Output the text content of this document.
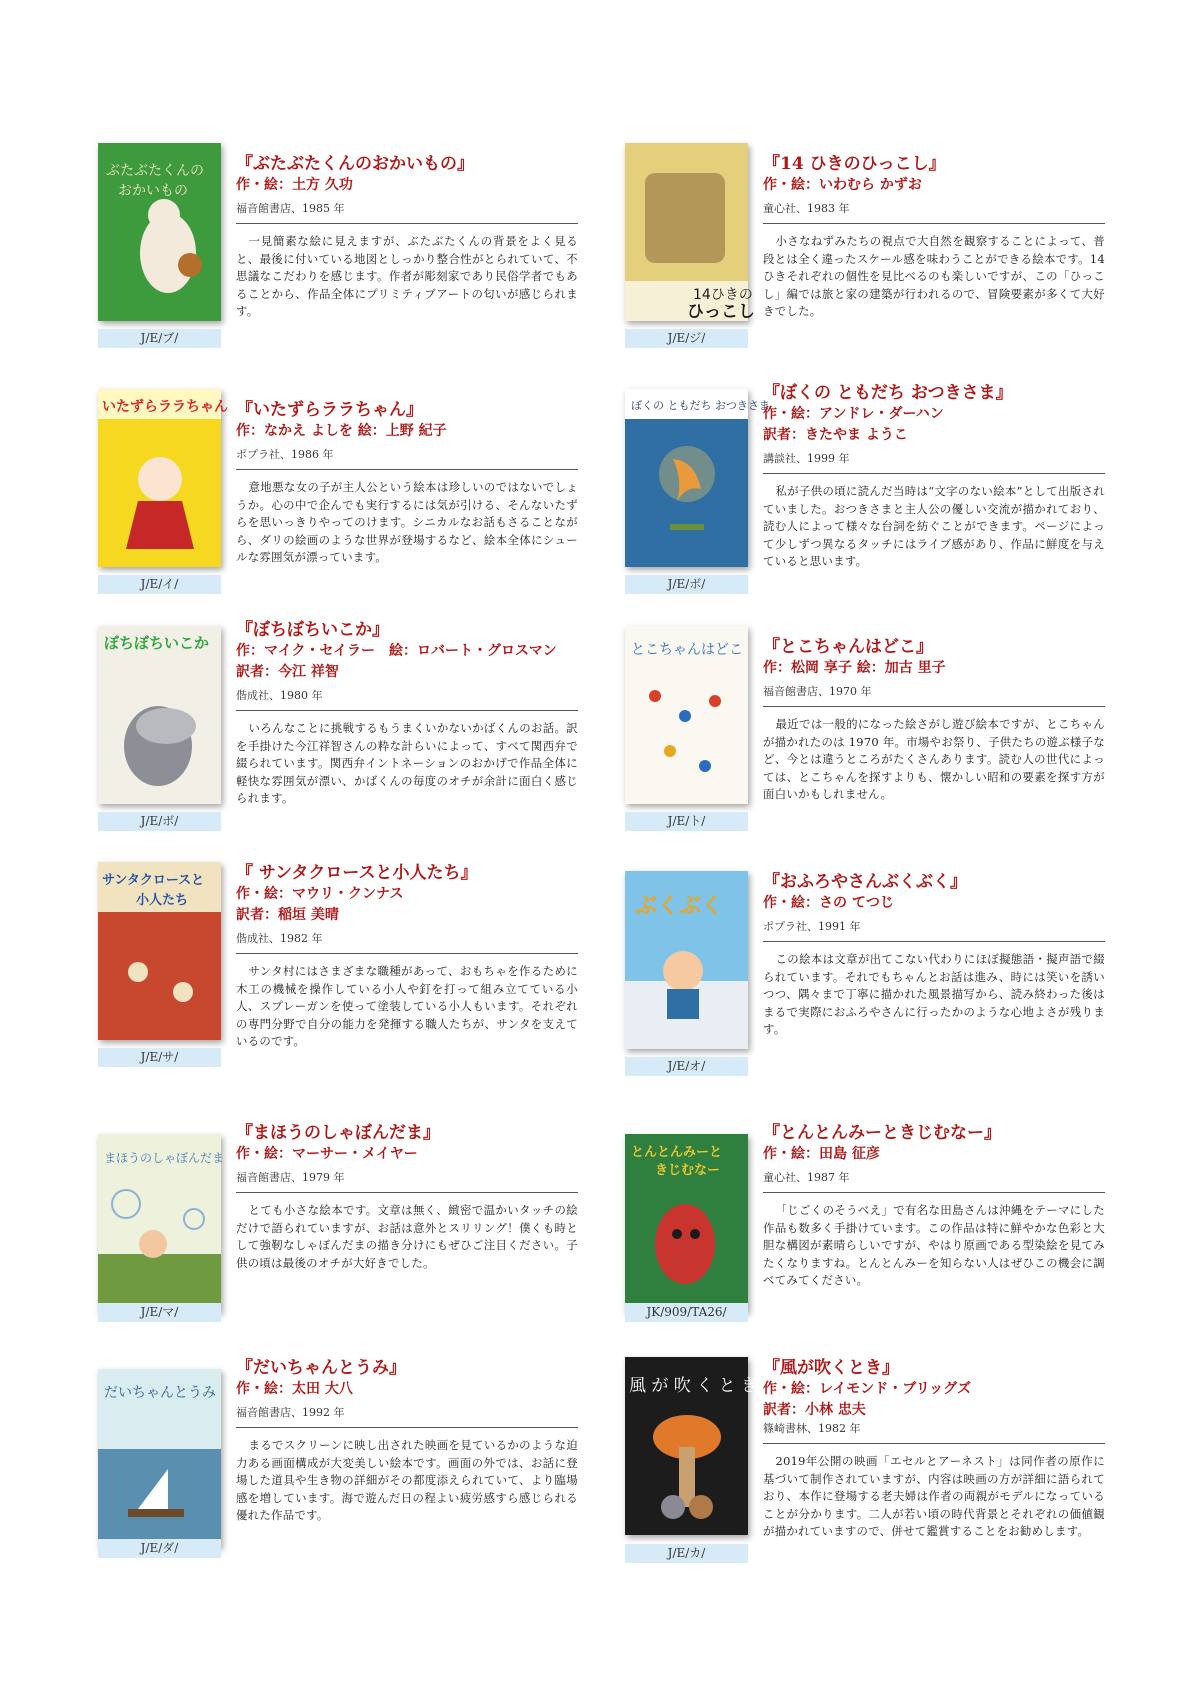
ぶたぶたくんの
おかいもの
J/E/ブ/

『ぶたぶたくんのおかいもの』

作・絵：土方 久功

福音館書店、1985 年
一見簡素な絵に見えますが、ぶたぶたくんの背景をよく見ると、最後に付いている地図としっかり整合性がとられていて、不思議なこだわりを感じます。作者が彫刻家であり民俗学者でもあることから、作品全体にプリミティブアートの匂いが感じられます。
14ひきの
ひっこし
J/E/ジ/

『14 ひきのひっこし』

作・絵：いわむら かずお

童心社、1983 年
小さなねずみたちの視点で大自然を観察することによって、普段とは全く違ったスケール感を味わうことができる絵本です。14 ひきそれぞれの個性を見比べるのも楽しいですが、この「ひっこし」編では旅と家の建築が行われるので、冒険要素が多くて大好きでした。
いたずらララちゃん
J/E/イ/

『いたずらララちゃん』

作：なかえ よしを 絵：上野 紀子

ポプラ社、1986 年
意地悪な女の子が主人公という絵本は珍しいのではないでしょうか。心の中で企んでも実行するには気が引ける、そんないたずらを思いっきりやってのけます。シニカルなお話もさることながら、ダリの絵画のような世界が登場するなど、絵本全体にシュールな雰囲気が漂っています。
ぼくの ともだち おつきさま
J/E/ボ/

『ぼくの ともだち おつきさま』

作・絵：アンドレ・ダーハン

訳者：きたやま ようこ

講談社、1999 年
私が子供の頃に読んだ当時は“文字のない絵本”として出版されていました。おつきさまと主人公の優しい交流が描かれており、読む人によって様々な台詞を紡ぐことができます。ページによって少しずつ異なるタッチにはライブ感があり、作品に鮮度を与えていると思います。
ぼちぼちいこか
J/E/ボ/

『ぼちぼちいこか』

作：マイク・セイラー　絵：ロバート・グロスマン

訳者：今江 祥智

偕成社、1980 年
いろんなことに挑戦するもうまくいかないかばくんのお話。訳を手掛けた今江祥智さんの粋な計らいによって、すべて関西弁で綴られています。関西弁イントネーションのおかげで作品全体に軽快な雰囲気が漂い、かばくんの毎度のオチが余計に面白く感じられます。
とこちゃんはどこ
J/E/ト/

『とこちゃんはどこ』

作：松岡 享子 絵：加古 里子

福音館書店、1970 年
最近では一般的になった絵さがし遊び絵本ですが、とこちゃんが描かれたのは 1970 年。市場やお祭り、子供たちの遊ぶ様子など、今とは違うところがたくさんあります。読む人の世代によっては、とこちゃんを探すよりも、懐かしい昭和の要素を探す方が面白いかもしれません。
サンタクロースと
小人たち
J/E/サ/

『 サンタクロースと小人たち』

作・絵：マウリ・クンナス

訳者：稲垣 美晴

偕成社、1982 年
サンタ村にはさまざまな職種があって、おもちゃを作るために木工の機械を操作している小人や釘を打って組み立てている小人、スプレーガンを使って塗装している小人もいます。それぞれの専門分野で自分の能力を発揮する職人たちが、サンタを支えているのです。
ぶくぶく
J/E/オ/

『おふろやさんぶくぶく』

作・絵：さの てつじ

ポプラ社、1991 年
この絵本は文章が出てこない代わりにほぼ擬態語・擬声語で綴られています。それでもちゃんとお話は進み、時には笑いを誘いつつ、隅々まで丁寧に描かれた風景描写から、読み終わった後はまるで実際におふろやさんに行ったかのような心地よさが残ります。
まほうのしゃぼんだま
J/E/マ/

『まほうのしゃぼんだま』

作・絵：マーサー・メイヤー

福音館書店、1979 年
とても小さな絵本です。文章は無く、緻密で温かいタッチの絵だけで語られていますが、お話は意外とスリリング！僕くも時として強靭なしゃぼんだまの描き分けにもぜひご注目ください。子供の頃は最後のオチが大好きでした。
とんとんみーと
きじむなー
JK/909/TA26/

『とんとんみーときじむなー』

作・絵：田島 征彦

童心社、1987 年
「じごくのそうべえ」で有名な田島さんは沖縄をテーマにした作品も数多く手掛けています。この作品は特に鮮やかな色彩と大胆な構図が素晴らしいですが、やはり原画である型染絵を見てみたくなりますね。とんとんみーを知らない人はぜひこの機会に調べてみてください。
だいちゃんとうみ
J/E/ダ/

『だいちゃんとうみ』

作・絵：太田 大八

福音館書店、1992 年
まるでスクリーンに映し出された映画を見ているかのような迫力ある画面構成が大変美しい絵本です。画面の外では、お話に登場した道具や生き物の詳細がその都度添えられていて、より臨場感を増しています。海で遊んだ日の程よい疲労感すら感じられる優れた作品です。
風 が 吹 く と き
J/E/カ/

『風が吹くとき』

作・絵：レイモンド・ブリッグズ

訳者：小林 忠夫

篠崎書林、1982 年
2019年公開の映画「エセルとアーネスト」は同作者の原作に基づいて制作されていますが、内容は映画の方が詳細に語られており、本作に登場する老夫婦は作者の両親がモデルになっていることが分かります。二人が若い頃の時代背景とそれぞれの価値観が描かれていますので、併せて鑑賞することをお勧めします。
